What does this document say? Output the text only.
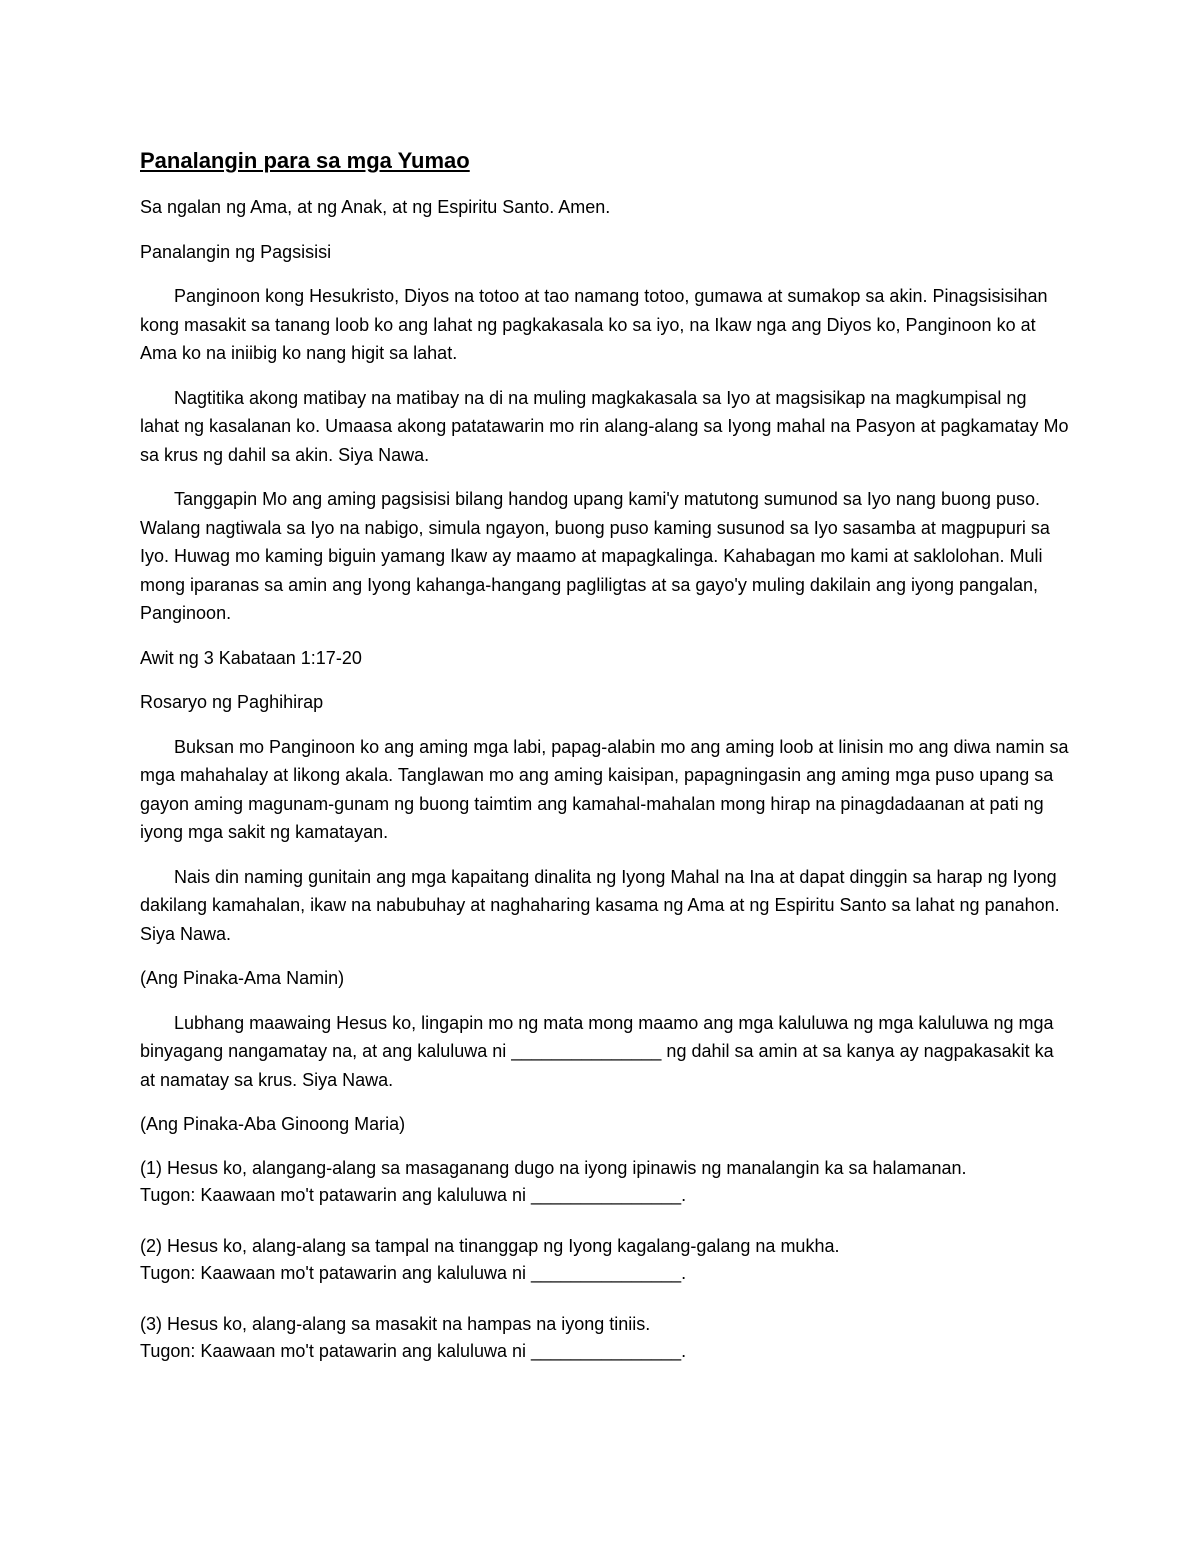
Panalangin para sa mga Yumao

Sa ngalan ng Ama, at ng Anak, at ng Espiritu Santo. Amen.

Panalangin ng Pagsisisi

Panginoon kong Hesukristo, Diyos na totoo at tao namang totoo, gumawa at sumakop sa akin. Pinagsisisihan kong masakit sa tanang loob ko ang lahat ng pagkakasala ko sa iyo, na Ikaw nga ang Diyos ko, Panginoon ko at Ama ko na iniibig ko nang higit sa lahat.

Nagtitika akong matibay na matibay na di na muling magkakasala sa Iyo at magsisikap na magkumpisal ng lahat ng kasalanan ko. Umaasa akong patatawarin mo rin alang-alang sa Iyong mahal na Pasyon at pagkamatay Mo sa krus ng dahil sa akin. Siya Nawa.

Tanggapin Mo ang aming pagsisisi bilang handog upang kami'y matutong sumunod sa Iyo nang buong puso. Walang nagtiwala sa Iyo na nabigo, simula ngayon, buong puso kaming susunod sa Iyo sasamba at magpupuri sa Iyo. Huwag mo kaming biguin yamang Ikaw ay maamo at mapagkalinga. Kahabagan mo kami at saklolohan. Muli mong iparanas sa amin ang Iyong kahanga-hangang pagliligtas at sa gayo'y muling dakilain ang iyong pangalan, Panginoon.

Awit ng 3 Kabataan 1:17-20

Rosaryo ng Paghihirap

Buksan mo Panginoon ko ang aming mga labi, papag-alabin mo ang aming loob at linisin mo ang diwa namin sa mga mahahalay at likong akala. Tanglawan mo ang aming kaisipan, papagningasin ang aming mga puso upang sa gayon aming magunam-gunam ng buong taimtim ang kamahal-mahalan mong hirap na pinagdadaanan at pati ng iyong mga sakit ng kamatayan.

Nais din naming gunitain ang mga kapaitang dinalita ng Iyong Mahal na Ina at dapat dinggin sa harap ng Iyong dakilang kamahalan, ikaw na nabubuhay at naghaharing kasama ng Ama at ng Espiritu Santo sa lahat ng panahon. Siya Nawa.

(Ang Pinaka-Ama Namin)

Lubhang maawaing Hesus ko, lingapin mo ng mata mong maamo ang mga kaluluwa ng mga kaluluwa ng mga binyagang nangamatay na, at ang kaluluwa ni _______________ ng dahil sa amin at sa kanya ay nagpakasakit ka at namatay sa krus. Siya Nawa.

(Ang Pinaka-Aba Ginoong Maria)

(1) Hesus ko, alangang-alang sa masaganang dugo na iyong ipinawis ng manalangin ka sa halamanan.
Tugon: Kaawaan mo't patawarin ang kaluluwa ni _______________.

(2) Hesus ko, alang-alang sa tampal na tinanggap ng Iyong kagalang-galang na mukha.
Tugon: Kaawaan mo't patawarin ang kaluluwa ni _______________.

(3) Hesus ko, alang-alang sa masakit na hampas na iyong tiniis.
Tugon: Kaawaan mo't patawarin ang kaluluwa ni _______________.
